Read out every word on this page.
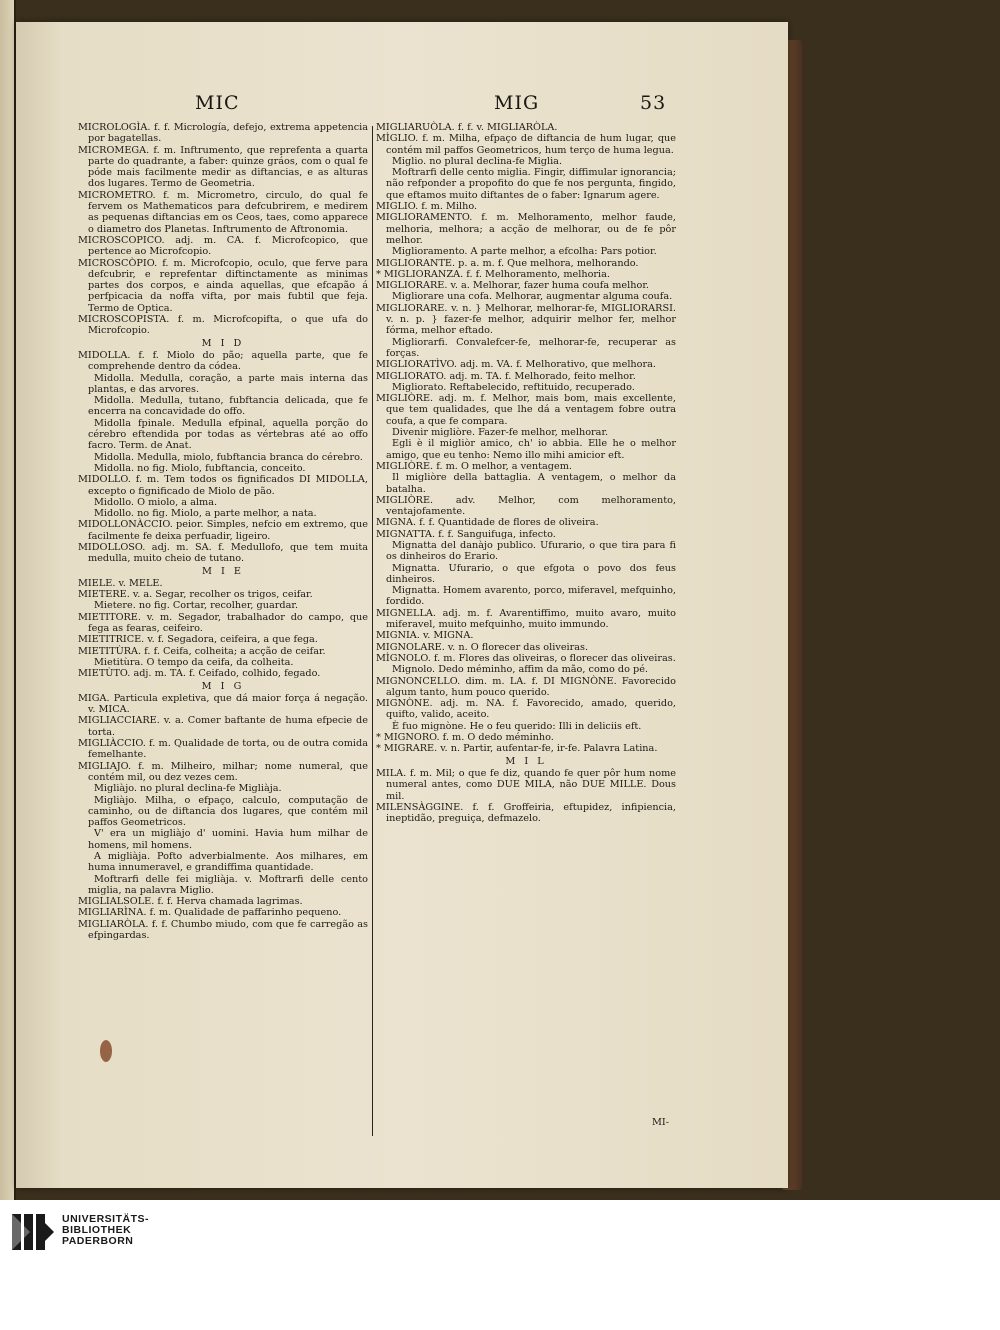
MIC	MIG	53

MICROLOGÌA. f. f. Micrología, defejo, extrema appetencia por bagatellas.

MICROMEGA. f. m. Inftrumento, que reprefenta a quarta parte do quadrante, a faber: quinze gráos, com o qual fe póde mais facilmente medir as diftancias, e as alturas dos lugares. Termo de Geometria.

MICROMETRO. f. m. Micrometro, circulo, do qual fe fervem os Mathematicos para defcubrirem, e medirem as pequenas diftancias em os Ceos, taes, como apparece o diametro dos Planetas. Inftrumento de Aftronomia.

MICROSCOPICO. adj. m. CA. f. Microfcopico, que pertence ao Microfcopio.

MICROSCÒPIO. f. m. Microfcopio, oculo, que ferve para defcubrir, e reprefentar diftinctamente as minimas partes dos corpos, e ainda aquellas, que efcapão á perfpicacia da noffa vifta, por mais fubtil que feja. Termo de Optica.

MICROSCOPISTA. f. m. Microfcopifta, o que ufa do Microfcopio.

M I D

MIDOLLA. f. f. Miolo do pão; aquella parte, que fe comprehende dentro da códea.

Midolla. Medulla, coração, a parte mais interna das plantas, e das arvores.

Midolla. Medulla, tutano, fubftancia delicada, que fe encerra na concavidade do offo.

Midolla fpinale. Medulla efpinal, aquella porção do cérebro eftendida por todas as vértebras até ao offo facro. Term. de Anat.

Midolla. Medulla, miolo, fubftancia branca do cérebro.

Midolla. no fig. Miolo, fubftancia, conceito.

MIDOLLO. f. m. Tem todos os fignificados DI MIDOLLA, excepto o fignificado de Miolo de pão.

Midollo. O miolo, a alma.

Midollo. no fig. Miolo, a parte melhor, a nata.

MIDOLLONÀCCIO. peior. Simples, nefcio em extremo, que facilmente fe deixa perfuadir, ligeiro.

MIDOLLOSO. adj. m. SA. f. Medullofo, que tem muita medulla, muito cheio de tutano.

M I E

MIELE. v. MELE.

MIETERE. v. a. Segar, recolher os trigos, ceifar.

Mietere. no fig. Cortar, recolher, guardar.

MIETITORE. v. m. Segador, trabalhador do campo, que fega as fearas, ceifeiro.

MIETITRICE. v. f. Segadora, ceifeira, a que fega.

MIETITÙRA. f. f. Ceifa, colheita; a acção de ceifar.

Mietitùra. O tempo da ceifa, da colheita.

MIETÙTO. adj. m. TA. f. Ceifado, colhido, fegado.

M I G

MIGA. Particula expletiva, que dá maior força á negação. v. MICA.

MIGLIACCIARE. v. a. Comer baftante de huma efpecie de torta.

MIGLIÀCCIO. f. m. Qualidade de torta, ou de outra comida femelhante.

MIGLIAJO. f. m. Milheiro, milhar; nome numeral, que contém mil, ou dez vezes cem.

Migliàjo. no plural declina-fe Migliàja.

Migliàjo. Milha, o efpaço, calculo, computação de caminho, ou de diftancia dos lugares, que contém mil paffos Geometricos.

V' era un migliàjo d' uomini. Havia hum milhar de homens, mil homens.

A migliàja. Pofto adverbialmente. Aos milhares, em huma innumeravel, e grandiffima quantidade.

Moftrarfi delle fei migliàja. v. Moftrarfi delle cento miglia, na palavra Miglio.

MIGLIALSOLE. f. f. Herva chamada lagrimas.

MIGLIARÌNA. f. m. Qualidade de paffarinho pequeno.

MIGLIARÒLA. f. f. Chumbo miudo, com que fe carregão as efpingardas.

MIGLIARUÒLA. f. f. v. MIGLIARÒLA.

MÌGLIO. f. m. Milha, efpaço de diftancia de hum lugar, que contém mil paffos Geometricos, hum terço de huma legua.

Miglio. no plural declina-fe Miglia.

Moftrarfi delle cento miglia. Fingir, diffimular ignorancia; não refponder a propofito do que fe nos pergunta, fingido, que eftamos muito diftantes de o faber: Ignarum agere.

MIGLIO. f. m. Milho.

MIGLIORAMENTO. f. m. Melhoramento, melhor faude, melhoria, melhora; a acção de melhorar, ou de fe pôr melhor.

Miglioramento. A parte melhor, a efcolha: Pars potior.

MIGLIORANTE. p. a. m. f. Que melhora, melhorando.

* MIGLIORANZA. f. f. Melhoramento, melhoria.

MIGLIORARE. v. a. Melhorar, fazer huma coufa melhor.

Migliorare una cofa. Melhorar, augmentar alguma coufa.

MIGLIORARE. v. n. } Melhorar, melhorar-fe, MIGLIORARSI. v. n. p. } fazer-fe melhor, adquirir melhor fer, melhor fórma, melhor eftado.

Migliorarfi. Convalefcer-fe, melhorar-fe, recuperar as forças.

MIGLIORATÌVO. adj. m. VA. f. Melhorativo, que melhora.

MIGLIORATO. adj. m. TA. f. Melhorado, feito melhor.

Migliorato. Reftabelecido, reftituido, recuperado.

MIGLIÒRE. adj. m. f. Melhor, mais bom, mais excellente, que tem qualidades, que lhe dá a ventagem fobre outra coufa, a que fe compara.

Divenir migliòre. Fazer-fe melhor, melhorar.

Egli è il migliòr amico, ch' io abbia. Elle he o melhor amigo, que eu tenho: Nemo illo mihi amicior eft.

MIGLIÒRE. f. m. O melhor, a ventagem.

Il migliòre della battaglia. A ventagem, o melhor da batalha.

MIGLIÒRE. adv. Melhor, com melhoramento, ventajofamente.

MIGNA. f. f. Quantidade de flores de oliveira.

MIGNATTA. f. f. Sanguifuga, infecto.

Mignatta del danàjo publico. Ufurario, o que tira para fi os dinheiros do Erario.

Mignatta. Ufurario, o que efgota o povo dos feus dinheiros.

Mignatta. Homem avarento, porco, miferavel, mefquinho, fordido.

MIGNELLA. adj. m. f. Avarentiffimo, muito avaro, muito miferavel, muito mefquinho, muito immundo.

MIGNIA. v. MIGNA.

MIGNOLARE. v. n. O florecer das oliveiras.

MÌGNOLO. f. m. Flores das oliveiras, o florecer das oliveiras.

Mignolo. Dedo méminho, affim da mão, como do pé.

MIGNONCELLO. dim. m. LA. f. DI MIGNÒNE. Favorecido algum tanto, hum pouco querido.

MIGNÒNE. adj. m. NA. f. Favorecido, amado, querido, quifto, valido, aceito.

È fuo mignòne. He o feu querido: Illi in deliciis eft.

* MIGNORO. f. m. O dedo méminho.

* MIGRARE. v. n. Partir, aufentar-fe, ir-fe. Palavra Latina.

M I L

MILA. f. m. Mil; o que fe diz, quando fe quer pôr hum nome numeral antes, como DUE MILA, não DUE MILLE. Dous mil.

MILENSÀGGINE. f. f. Groffeiria, eftupidez, infipiencia, ineptidão, preguiça, defmazelo.

MI-
UNIVERSITÄTS-
BIBLIOTHEK
PADERBORN
